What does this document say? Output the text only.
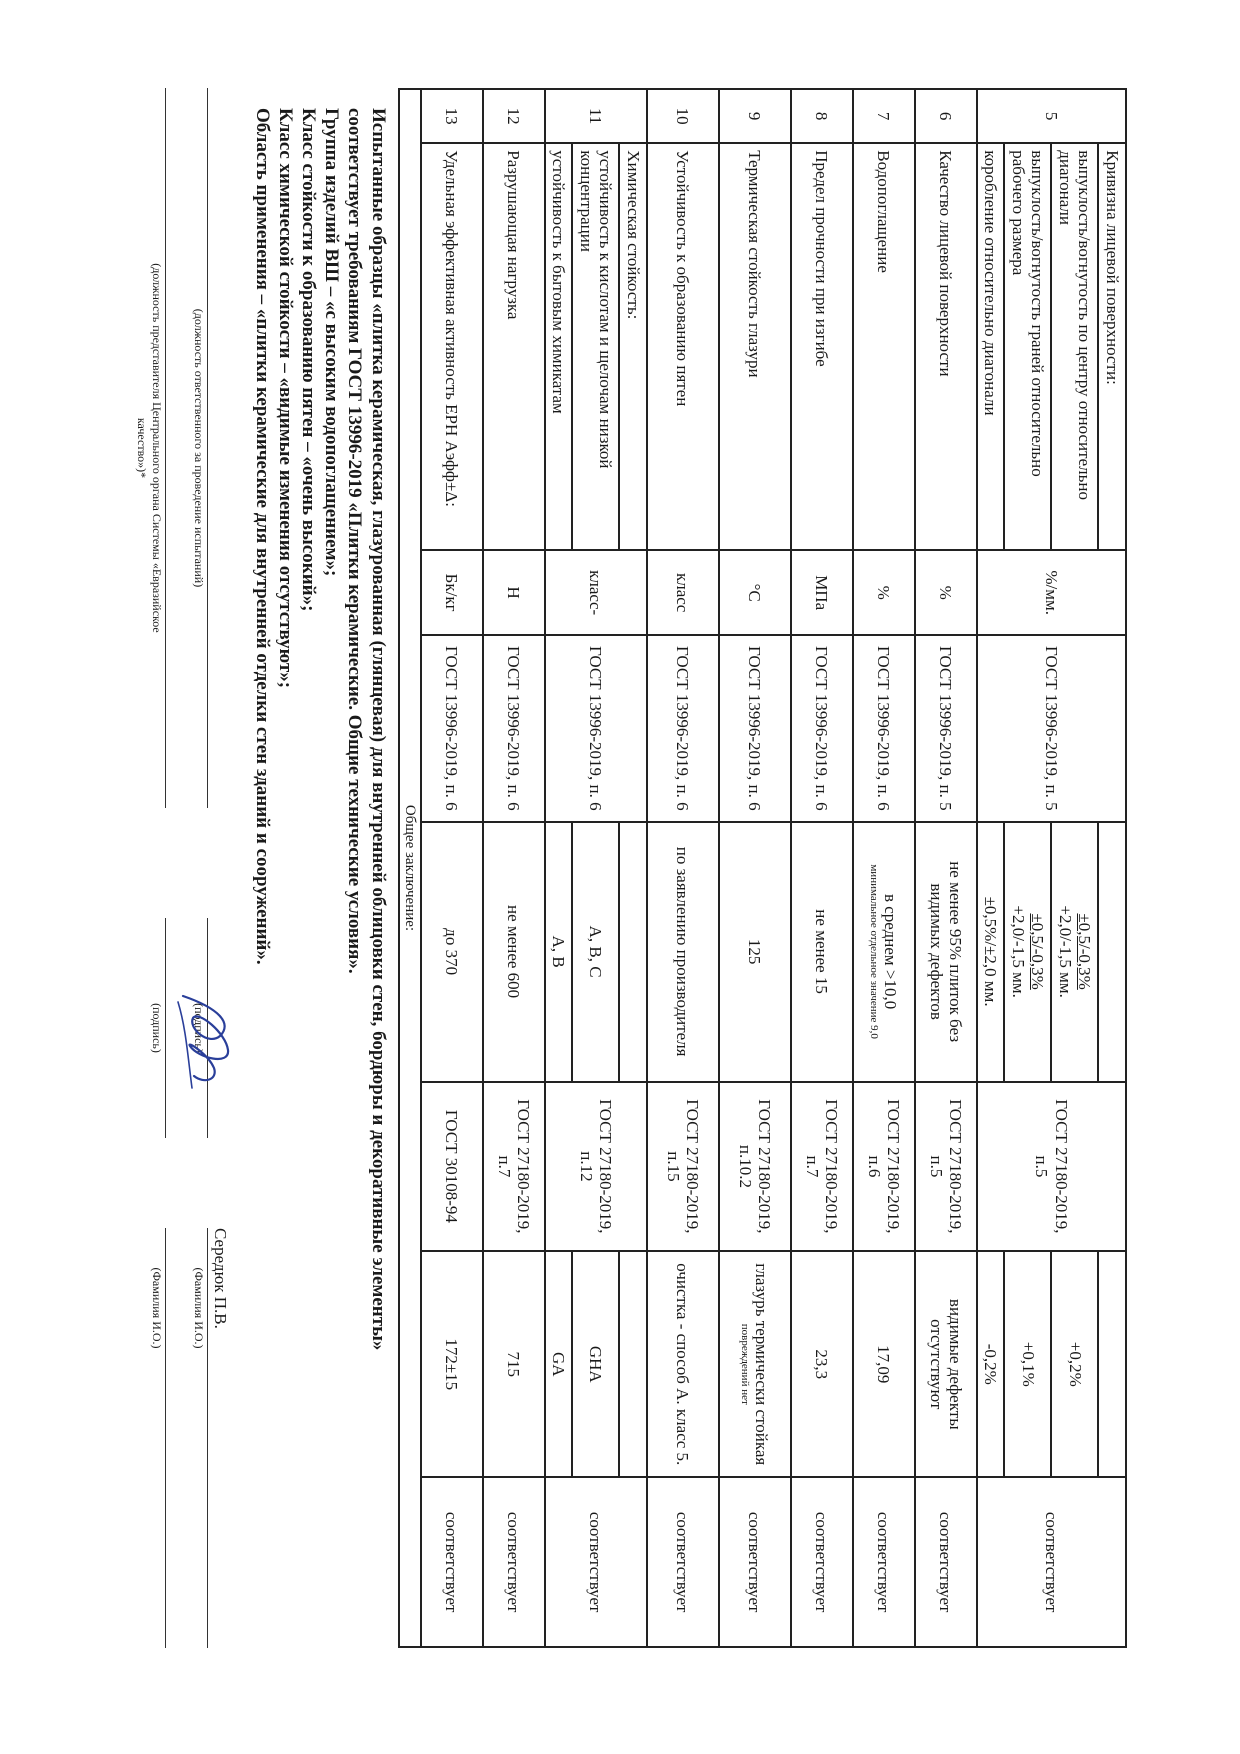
5	Кривизна лицевой поверхности:	%/мм.	ГОСТ 13996-2019, п. 5		ГОСТ 27180-2019, п.5		соответствует
	выпуклость/вогнутость по центру относительно диагонали			±0,5/-0,3%
+2,0/-1,5 мм.		+0,2%	
	выпуклость/вогнутость граней относительно рабочего размера			±0,5/-0,3%
+2,0/-1,5 мм.		+0,1%	
	коробление относительно диагонали			±0,5%/±2,0 мм.		-0,2%	
6	Качество лицевой поверхности	%	ГОСТ 13996-2019, п. 5	не менее 95% плиток без видимых дефектов	ГОСТ 27180-2019, п.5	видимые дефекты отсутствуют	соответствует
7	Водопоглащение	%	ГОСТ 13996-2019, п. 6	в среднем >10,0
минимальное отдельное значение 9,0	ГОСТ 27180-2019, п.6	17,09	соответствует
8	Предел прочности при изгибе	МПа	ГОСТ 13996-2019, п. 6	не менее 15	ГОСТ 27180-2019, п.7	23,3	соответствует
9	Термическая стойкость глазури	°С	ГОСТ 13996-2019, п. 6	125	ГОСТ 27180-2019, п.10.2	глазурь термически стойкая
повреждений нет	соответствует
10	Устойчивость к образованию пятен	класс	ГОСТ 13996-2019, п. 6	по заявлению производителя	ГОСТ 27180-2019, п.15	очистка - способ А. класс 5.	соответствует
11	Химическая стойкость:	класс-	ГОСТ 13996-2019, п. 6		ГОСТ 27180-2019, п.12		соответствует
	устойчивость к кислотам и щелочам низкой концентрации			A, B, C		GHA	
	устойчивость к бытовым химикатам			A, B		GA	
12	Разрушающая нагрузка	Н	ГОСТ 13996-2019, п. 6	не менее 600	ГОСТ 27180-2019, п.7	715	соответствует
13	Удельная эффективная активность ЕРН Аэфф±Δ:	Бк/кг	ГОСТ 13996-2019, п. 6	до 370	ГОСТ 30108-94	172±15	соответствует
Общее заключение:							

Испытанные образцы «плитка керамическая, глазурованная (глянцевая) для внутренней облицовки стен, бордюры и декоративные элементы»

соответствует требованиям ГОСТ 13996-2019 «Плитки керамические. Общие технические условия».

Группа изделий ВШ – «с высоким водопоглащением»;

Класс стойкости к образованию пятен – «очень высокий»;

Класс химической стойкости – «видимые изменения отсутствуют»;

Область применения – «плитки керамические для внутренней отделки стен зданий и сооружений».

(должность ответственного за проведение испытаний)
(подпись)
Середюк П.В.
(Фамилия И.О.)
(должность представителя Центрального органа Системы «Евразийское
качество»)*
(подпись)
(Фамилия И.О.)
